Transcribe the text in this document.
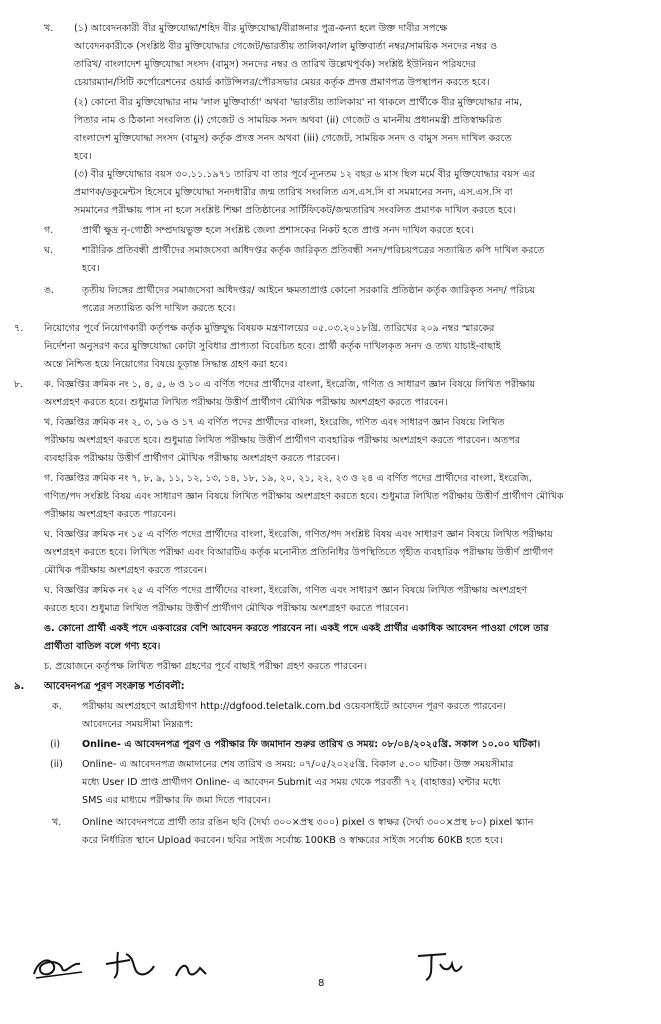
খ. (১) আবেদনকারী বীর মুক্তিযোদ্ধা/শহিদ বীর মুক্তিযোদ্ধা/বীরাঙ্গনার পুত্র-কন্যা হলে উক্ত দাবীর সপক্ষে
আবেদনকারীকে (সংশ্লিষ্ট বীর মুক্তিযোদ্ধার গেজেট/ভারতীয় তালিকা/লাল মুক্তিবার্তা নম্বর/সাময়িক সনদের নম্বর ও
তারিখ/ বাংলাদেশ মুক্তিযোদ্ধা সংসদ (বামুস) সনদের নম্বর ও তারিখ উল্লেখপূর্বক) সংশ্লিষ্ট ইউনিয়ন পরিষদের
চেয়ারম্যান/সিটি কর্পোরেশনের ওয়ার্ড কাউন্সিলর/পৌরসভার মেয়র কর্তৃক প্রদত্ত প্রমাণপত্র উপস্থাপন করতে হবে।
(২) কোনো বীর মুক্তিযোদ্ধার নাম 'লাল মুক্তিবার্তা' অথবা 'ভারতীয় তালিকায়' না থাকলে প্রার্থীকে বীর মুক্তিযোদ্ধার নাম,
পিতার নাম ও ঠিকানা সংবলিত (i) গেজেট ও সাময়িক সনদ অথবা (ii) গেজেট ও মাননীয় প্রধানমন্ত্রী প্রতিস্বাক্ষরিত
বাংলাদেশ মুক্তিযোদ্ধা সংসদ (বামুস) কর্তৃক প্রদত্ত সনদ অথবা (iii) গেজেট, সাময়িক সনদ ও বামুস সনদ দাখিল করতে
হবে।
(৩) বীর মুক্তিযোদ্ধার বয়স ৩০.১১.১৯৭১ তারিখ বা তার পূর্বে ন্যূনতম ১২ বছর ৬ মাস ছিল মর্মে বীর মুক্তিযোদ্ধার বয়স এর
প্রমাণক/ডকুমেন্টস হিসেবে মুক্তিযোদ্ধা সনদধারীর জন্ম তারিখ সংবলিত এস.এস.সি বা সমমানের সনদ, এস.এস.সি বা
সমমানের পরীক্ষায় পাস না হলে সংশ্লিষ্ট শিক্ষা প্রতিষ্ঠানের সার্টিফিকেট/জন্মতারিখ সংবলিত প্রমাণক দাখিল করতে হবে।
গ.	প্রার্থী ক্ষুদ্র নৃ-গোষ্ঠী সম্প্রদায়ভুক্ত হলে সংশ্লিষ্ট জেলা প্রশাসকের নিকট হতে প্রাপ্ত সনদ দাখিল করতে হবে।
ঘ.	শারীরিক প্রতিবন্ধী প্রার্থীদের সমাজসেবা অধিদপ্তর কর্তৃক জারিকৃত প্রতিবন্ধী সনদ/পরিচয়পত্রের সত্যায়িত কপি দাখিল করতে
হবে।
ঙ.	তৃতীয় লিঙ্গের প্রার্থীদের সমাজসেবা অধিদপ্তর/ আইনে ক্ষমতাপ্রাপ্ত কোনো সরকারি প্রতিষ্ঠান কর্তৃক জারিকৃত সনদ/ পরিচয়
পত্রের সত্যায়িত কপি দাখিল করতে হবে।
৭. নিয়োগের পূর্বে নিয়োগকারী কর্তৃপক্ষ কর্তৃক মুক্তিযুদ্ধ বিষয়ক মন্ত্রণালয়ের ০৫.০৩.২০১৮খ্রি. তারিখের ২০৯ নম্বর স্মারকের
নির্দেশনা অনুসরণ করে মুক্তিযোদ্ধা কোটা সুবিধার প্রাপ্যতা বিবেচিত হবে। প্রার্থী কর্তৃক দাখিলকৃত সনদ ও তথ্য যাচাই-বাছাই
অন্তে নিশ্চিত হয়ে নিয়োগের বিষয়ে চূড়ান্ত সিদ্ধান্ত গ্রহণ করা হবে।
৮. ক. বিজ্ঞপ্তির ক্রমিক নং ১, ৪, ৫, ৬ ও ১০ এ বর্ণিত পদের প্রার্থীদের বাংলা, ইংরেজি, গণিত ও সাধারণ জ্ঞান বিষয়ে লিখিত পরীক্ষায়
অংশগ্রহণ করতে হবে। শুধুমাত্র লিখিত পরীক্ষায় উত্তীর্ণ প্রার্থীগণ মৌখিক পরীক্ষায় অংশগ্রহণ করতে পারবেন।
খ. বিজ্ঞপ্তির ক্রমিক নং ২, ৩, ১৬ ও ১৭ এ বর্ণিত পদের প্রার্থীদের বাংলা, ইংরেজি, গণিত এবং সাধারণ জ্ঞান বিষয়ে লিখিত
পরীক্ষায় অংশগ্রহণ করতে হবে। শুধুমাত্র লিখিত পরীক্ষায় উত্তীর্ণ প্রার্থীগণ ব্যবহারিক পরীক্ষায় অংশগ্রহণ করতে পারবেন। অতপর
ব্যবহারিক পরীক্ষায় উত্তীর্ণ প্রার্থীগণ মৌখিক পরীক্ষায় অংশগ্রহণ করতে পারবেন।
গ. বিজ্ঞপ্তির ক্রমিক নং ৭, ৮, ৯, ১১, ১২, ১৩, ১৪, ১৮, ১৯, ২০, ২১, ২২, ২৩ ও ২৪ এ বর্ণিত পদের প্রার্থীদের বাংলা, ইংরেজি,
গণিত/পদ সংশ্লিষ্ট বিষয় এবং সাধারণ জ্ঞান বিষয়ে লিখিত পরীক্ষায় অংশগ্রহণ করতে হবে। শুধুমাত্র লিখিত পরীক্ষায় উত্তীর্ণ প্রার্থীগণ মৌখিক
পরীক্ষায় অংশগ্রহণ করতে পারবেন।
ঘ. বিজ্ঞপ্তির ক্রমিক নং ১৫ এ বর্ণিত পদের প্রার্থীদের বাংলা, ইংরেজি, গণিত/পদ সংশ্লিষ্ট বিষয় এবং সাধারণ জ্ঞান বিষয়ে লিখিত পরীক্ষায়
অংশগ্রহণ করতে হবে। লিখিত পরীক্ষা এবং বিআরটিএ কর্তৃক মনোনীত প্রতিনিধির উপস্থিতিতে গৃহীত ব্যবহারিক পরীক্ষায় উত্তীর্ণ প্রার্থীগণ
মৌখিক পরীক্ষায় অংশগ্রহণ করতে পারবেন।
ঘ. বিজ্ঞপ্তির ক্রমিক নং ২৫ এ বর্ণিত পদের প্রার্থীদের বাংলা, ইংরেজি, গণিত এবং সাধারণ জ্ঞান বিষয়ে লিখিত পরীক্ষায় অংশগ্রহণ
করতে হবে। শুধুমাত্র লিখিত পরীক্ষায় উত্তীর্ণ প্রার্থীগণ মৌখিক পরীক্ষায় অংশগ্রহণ করতে পারবেন।
ঙ. কোনো প্রার্থী একই পদে একবারের বেশি আবেদন করতে পারবেন না। একই পদে একই প্রার্থীর একাধিক আবেদন পাওয়া গেলে তার
প্রার্থীতা বাতিল বলে গণ্য হবে।
চ. প্রয়োজনে কর্তৃপক্ষ লিখিত পরীক্ষা গ্রহণের পূর্বে বাছাই পরীক্ষা গ্রহণ করতে পারবেন।
৯. আবেদনপত্র পূরণ সংক্রান্ত শর্তাবলী:
ক. পরীক্ষায় অংশগ্রহণে আগ্রহীগণ http://dgfood.teletalk.com.bd ওয়েবসাইটে আবেদন পূরণ করতে পারবেন।
আবেদনের সময়সীমা নিম্নরূপ:
(i) Online- এ আবেদনপত্র পূরণ ও পরীক্ষার ফি জমাদান শুরুর তারিখ ও সময়: ০৮/০৪/২০২৫খ্রি. সকাল ১০.০০ ঘটিকা।
(ii) Online- এ আবেদনপত্র জমাদানের শেষ তারিখ ও সময়: ০৭/০৫/২০২৫খ্রি. বিকাল ৫.০০ ঘটিকা। উক্ত সময়সীমার
মধ্যে User ID প্রাপ্ত প্রার্থীগণ Online- এ আবেদন Submit এর সময় থেকে পরবর্তী ৭২ (বাহাত্তর) ঘন্টার মধ্যে
SMS এর মাধ্যমে পরীক্ষার ফি জমা দিতে পারবেন।
খ. Online আবেদনপত্রে প্রার্থী তার রঙিন ছবি (দৈর্ঘ্য ৩০০×প্রস্থ ৩০০) pixel ও স্বাক্ষর (দৈর্ঘ্য ৩০০×প্রস্থ ৮০) pixel স্ক্যান
করে নির্ধারিত স্থানে Upload করবেন। ছবির সাইজ সর্বোচ্চ 100KB ও স্বাক্ষরের সাইজ সর্বোচ্চ 60KB হতে হবে।
8
